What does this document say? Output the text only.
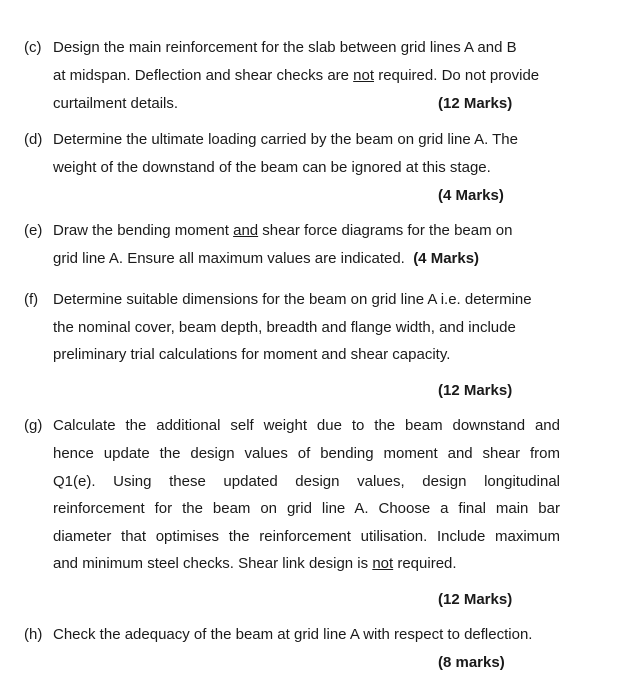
(c) Design the main reinforcement for the slab between grid lines A and B
at midspan. Deflection and shear checks are not required. Do not provide
curtailment details.	(12 Marks)
(d) Determine the ultimate loading carried by the beam on grid line A. The
weight of the downstand of the beam can be ignored at this stage.
(4 Marks)
(e) Draw the bending moment and shear force diagrams for the beam on
grid line A. Ensure all maximum values are indicated. (4 Marks)
(f) Determine suitable dimensions for the beam on grid line A i.e. determine
the nominal cover, beam depth, breadth and flange width, and include
preliminary trial calculations for moment and shear capacity.
(12 Marks)
(g) Calculate the additional self weight due to the beam downstand and
hence update the design values of bending moment and shear from
Q1(e). Using these updated design values, design longitudinal
reinforcement for the beam on grid line A. Choose a final main bar
diameter that optimises the reinforcement utilisation. Include maximum
and minimum steel checks. Shear link design is not required.
(12 Marks)
(h) Check the adequacy of the beam at grid line A with respect to deflection.
(8 marks)
